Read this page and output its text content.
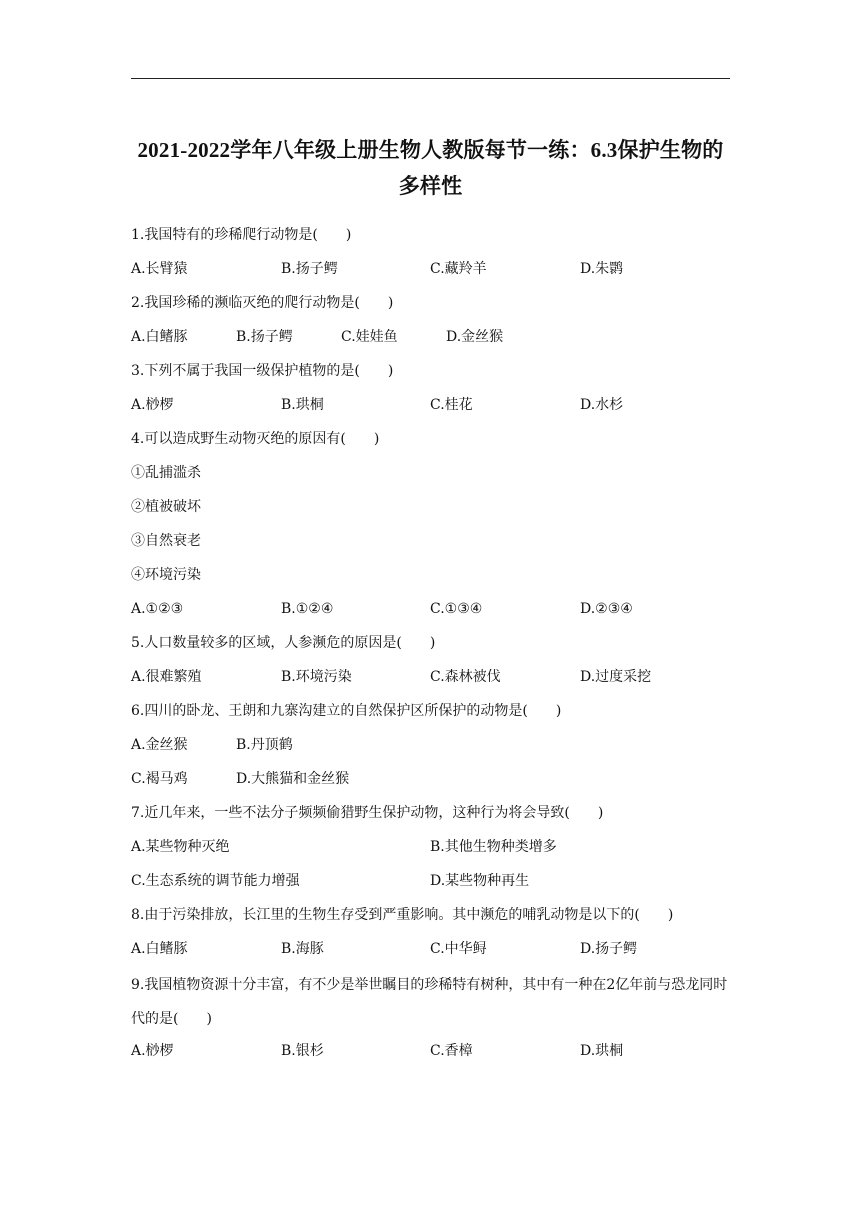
2021-2022学年八年级上册生物人教版每节一练：6.3保护生物的
多样性
1.我国特有的珍稀爬行动物是(　　)
A.长臂猿	B.扬子鳄	C.藏羚羊	D.朱鹮
2.我国珍稀的濒临灭绝的爬行动物是(　　)
A.白鳍豚	B.扬子鳄	C.娃娃鱼	D.金丝猴
3.下列不属于我国一级保护植物的是(　　)
A.桫椤	B.珙桐	C.桂花	D.水杉
4.可以造成野生动物灭绝的原因有(　　)
①乱捕滥杀
②植被破坏
③自然衰老
④环境污染
A.①②③	B.①②④	C.①③④	D.②③④
5.人口数量较多的区域，人参濒危的原因是(　　)
A.很难繁殖	B.环境污染	C.森林被伐	D.过度采挖
6.四川的卧龙、王朗和九寨沟建立的自然保护区所保护的动物是(　　)
A.金丝猴	B.丹顶鹤
C.褐马鸡	D.大熊猫和金丝猴
7.近几年来，一些不法分子频频偷猎野生保护动物，这种行为将会导致(　　)
A.某些物种灭绝	B.其他生物种类增多
C.生态系统的调节能力增强	D.某些物种再生
8.由于污染排放，长江里的生物生存受到严重影响。其中濒危的哺乳动物是以下的(　　)
A.白鳍豚	B.海豚	C.中华鲟	D.扬子鳄
9.我国植物资源十分丰富，有不少是举世瞩目的珍稀特有树种，其中有一种在2亿年前与恐龙同时代的是(　　)
A.桫椤	B.银杉	C.香樟	D.珙桐
